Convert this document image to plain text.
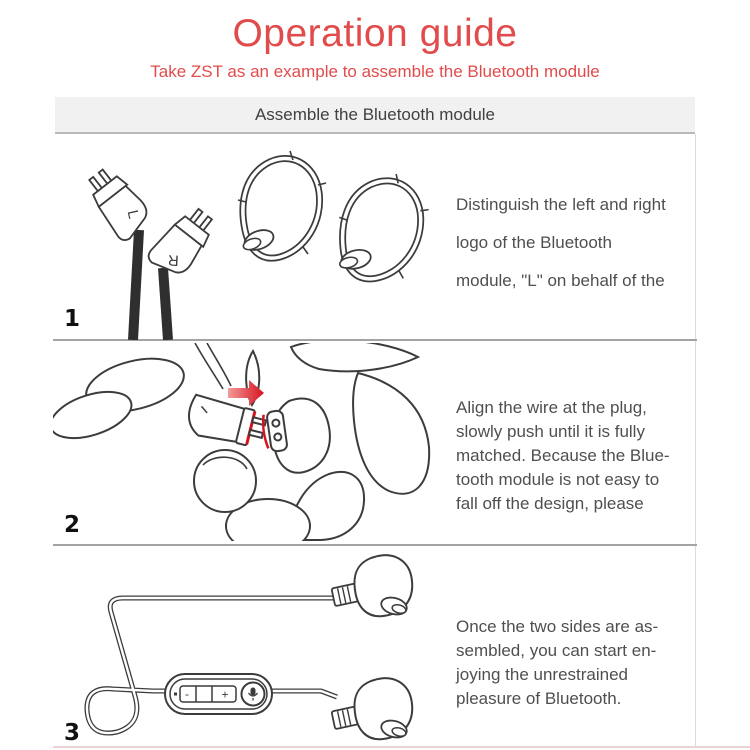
Operation guide
Take ZST as an example to assemble the Bluetooth module
Assemble the Bluetooth module
L
R
1
Distinguish the left and right
logo of the Bluetooth
module, "L" on behalf of the
2
Align the wire at the plug,
slowly push until it is fully
matched. Because the Blue-
tooth module is not easy to
fall off the design, please
-	+
3
Once the two sides are as-
sembled, you can start en-
joying the unrestrained
pleasure of Bluetooth.
